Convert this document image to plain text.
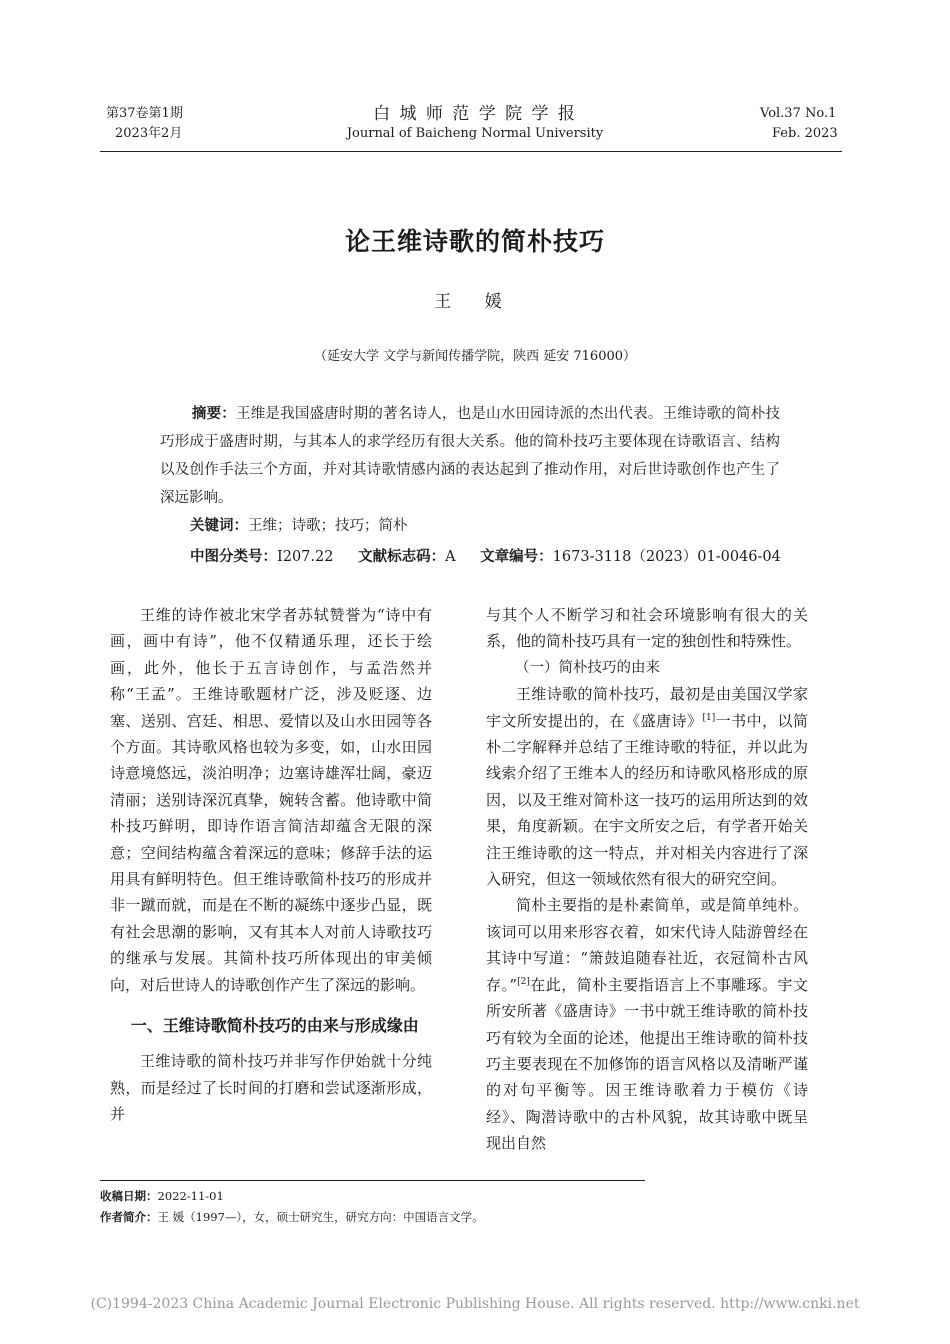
第37卷第1期
2023年2月
白 城 师 范 学 院 学 报
Journal of Baicheng Normal University
Vol.37 No.1
Feb. 2023
论王维诗歌的简朴技巧
王 媛
（延安大学 文学与新闻传播学院，陕西 延安 716000）

摘要：王维是我国盛唐时期的著名诗人，也是山水田园诗派的杰出代表。王维诗歌的简朴技巧形成于盛唐时期，与其本人的求学经历有很大关系。他的简朴技巧主要体现在诗歌语言、结构以及创作手法三个方面，并对其诗歌情感内涵的表达起到了推动作用，对后世诗歌创作也产生了深远影响。

关键词：王维；诗歌；技巧；简朴

中图分类号：I207.22 文献标志码：A 文章编号：1673-3118（2023）01-0046-04

王维的诗作被北宋学者苏轼赞誉为“诗中有画，画中有诗”，他不仅精通乐理，还长于绘画，此外，他长于五言诗创作，与孟浩然并称“王孟”。王维诗歌题材广泛，涉及贬逐、边塞、送别、宫廷、相思、爱情以及山水田园等各个方面。其诗歌风格也较为多变，如，山水田园诗意境悠远，淡泊明净；边塞诗雄浑壮阔，豪迈清丽；送别诗深沉真挚，婉转含蓄。他诗歌中简朴技巧鲜明，即诗作语言简洁却蕴含无限的深意；空间结构蕴含着深远的意味；修辞手法的运用具有鲜明特色。但王维诗歌简朴技巧的形成并非一蹴而就，而是在不断的凝练中逐步凸显，既有社会思潮的影响，又有其本人对前人诗歌技巧的继承与发展。其简朴技巧所体现出的审美倾向，对后世诗人的诗歌创作产生了深远的影响。

一、王维诗歌简朴技巧的由来与形成缘由

王维诗歌的简朴技巧并非写作伊始就十分纯熟，而是经过了长时间的打磨和尝试逐渐形成，并

与其个人不断学习和社会环境影响有很大的关系，他的简朴技巧具有一定的独创性和特殊性。

（一）简朴技巧的由来

王维诗歌的简朴技巧，最初是由美国汉学家宇文所安提出的，在《盛唐诗》[1]一书中，以简朴二字解释并总结了王维诗歌的特征，并以此为线索介绍了王维本人的经历和诗歌风格形成的原因，以及王维对简朴这一技巧的运用所达到的效果，角度新颖。在宇文所安之后，有学者开始关注王维诗歌的这一特点，并对相关内容进行了深入研究，但这一领域依然有很大的研究空间。

简朴主要指的是朴素简单，或是简单纯朴。该词可以用来形容衣着，如宋代诗人陆游曾经在其诗中写道：“箫鼓追随春社近，衣冠简朴古风存。”[2]在此，简朴主要指语言上不事雕琢。宇文所安所著《盛唐诗》一书中就王维诗歌的简朴技巧有较为全面的论述，他提出王维诗歌的简朴技巧主要表现在不加修饰的语言风格以及清晰严谨的对句平衡等。因王维诗歌着力于模仿《诗经》、陶潜诗歌中的古朴风貌，故其诗歌中既呈现出自然

收稿日期：2022-11-01
作者简介：王 媛（1997—），女，硕士研究生，研究方向：中国语言文学。
(C)1994-2023 China Academic Journal Electronic Publishing House. All rights reserved. http://www.cnki.net
